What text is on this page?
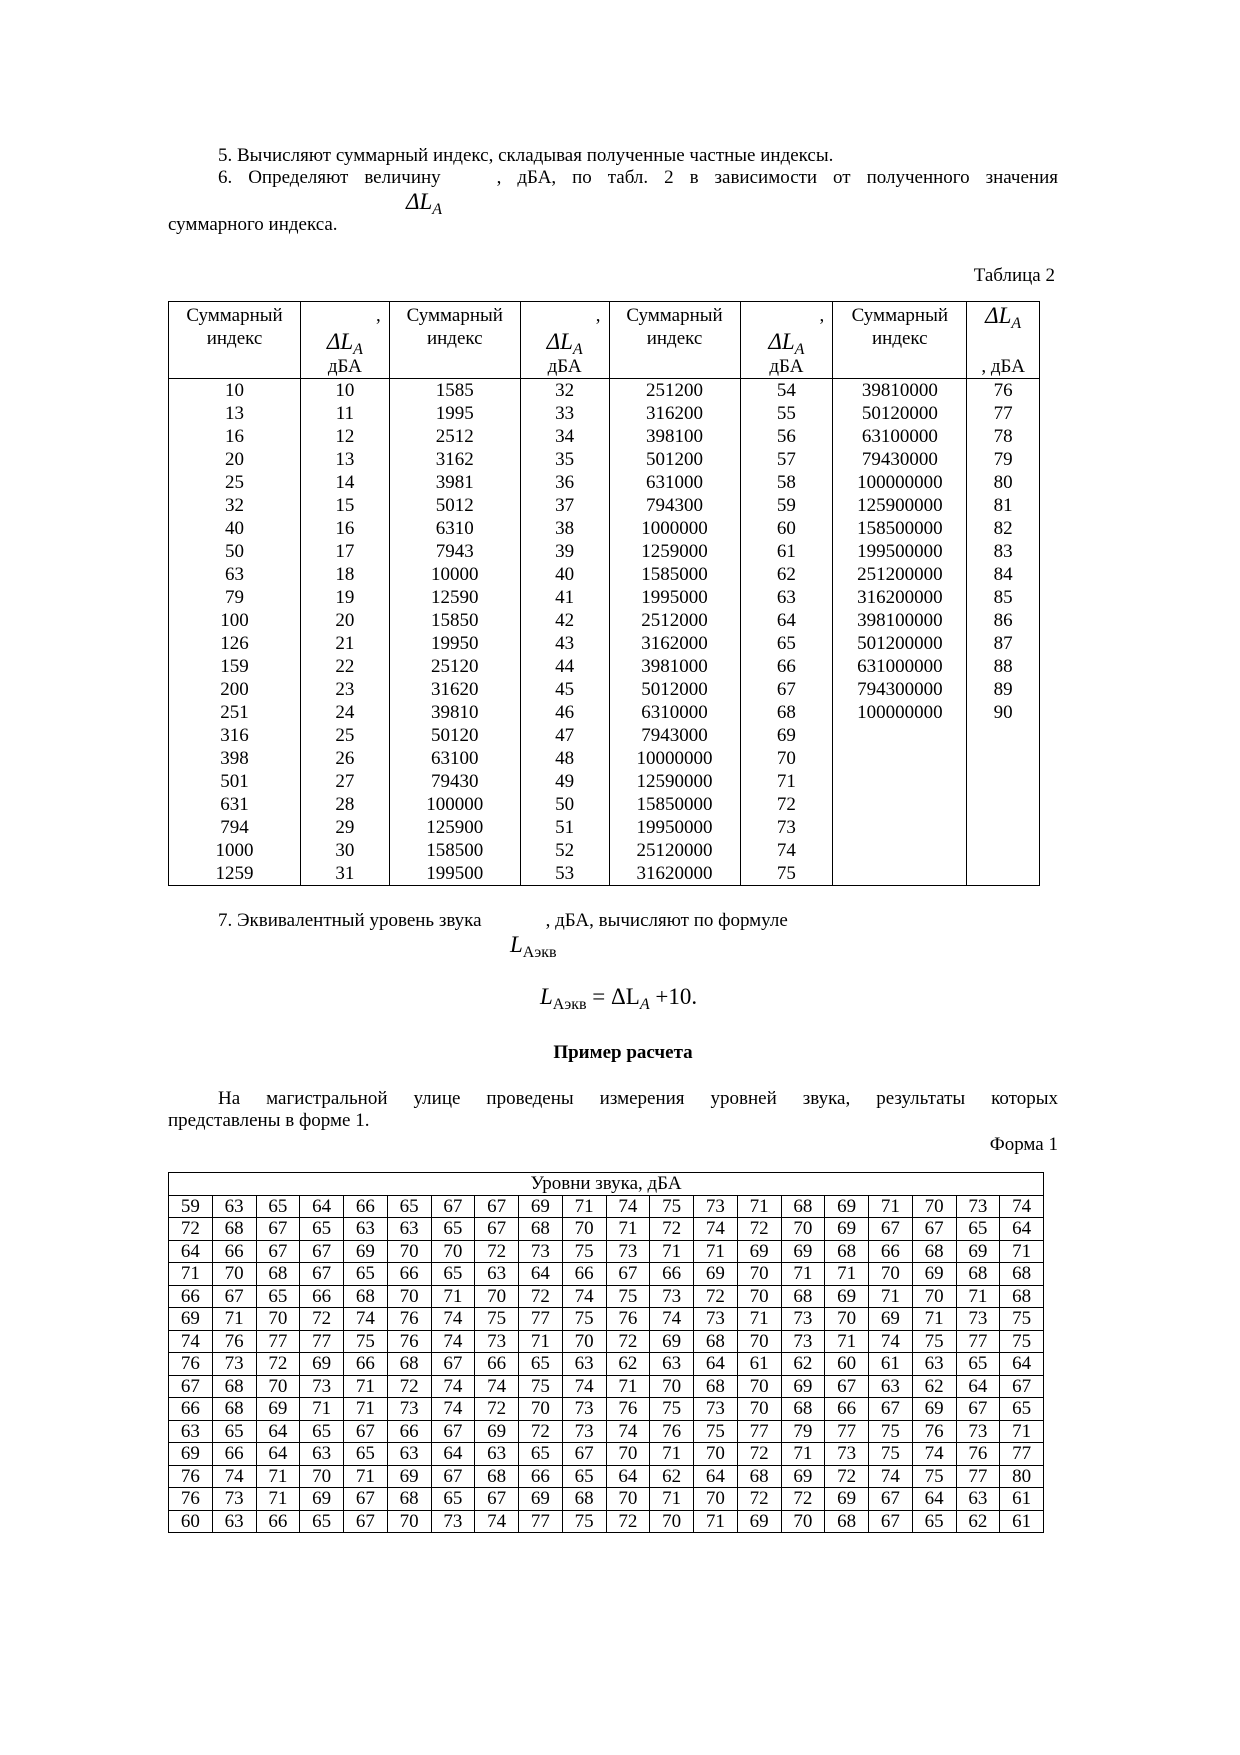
5. Вычисляют суммарный индекс, складывая полученные частные индексы.

6. Определяют величину	, дБА, по табл. 2 в зависимости от полученного значения

$\Delta L_A$

суммарного индекса.

Таблица 2

Суммарный индекс	,
$\Delta L_A$
дБА	Суммарный индекс	,
$\Delta L_A$
дБА	Суммарный индекс	,
$\Delta L_A$
дБА	Суммарный индекс	$\Delta L_A$
, дБА

10	10	1585	32	251200	54	39810000	76
13	11	1995	33	316200	55	50120000	77
16	12	2512	34	398100	56	63100000	78
20	13	3162	35	501200	57	79430000	79
25	14	3981	36	631000	58	100000000	80
32	15	5012	37	794300	59	125900000	81
40	16	6310	38	1000000	60	158500000	82
50	17	7943	39	1259000	61	199500000	83
63	18	10000	40	1585000	62	251200000	84
79	19	12590	41	1995000	63	316200000	85
100	20	15850	42	2512000	64	398100000	86
126	21	19950	43	3162000	65	501200000	87
159	22	25120	44	3981000	66	631000000	88
200	23	31620	45	5012000	67	794300000	89
251	24	39810	46	6310000	68	100000000	90
316	25	50120	47	7943000	69		
398	26	63100	48	10000000	70		
501	27	79430	49	12590000	71		
631	28	100000	50	15850000	72		
794	29	125900	51	19950000	73		
1000	30	158500	52	25120000	74		
1259	31	199500	53	31620000	75		

7. Эквивалентный уровень звука	, дБА, вычисляют по формуле

$L_{Аэкв}$
$L_{Аэкв} = \Delta L_A +10$.

Пример расчета

На магистральной улице проведены измерения уровней звука, результаты которых

представлены в форме 1.

Форма 1

Уровни звука, дБА																			
59	63	65	64	66	65	67	67	69	71	74	75	73	71	68	69	71	70	73	74
72	68	67	65	63	63	65	67	68	70	71	72	74	72	70	69	67	67	65	64
64	66	67	67	69	70	70	72	73	75	73	71	71	69	69	68	66	68	69	71
71	70	68	67	65	66	65	63	64	66	67	66	69	70	71	71	70	69	68	68
66	67	65	66	68	70	71	70	72	74	75	73	72	70	68	69	71	70	71	68
69	71	70	72	74	76	74	75	77	75	76	74	73	71	73	70	69	71	73	75
74	76	77	77	75	76	74	73	71	70	72	69	68	70	73	71	74	75	77	75
76	73	72	69	66	68	67	66	65	63	62	63	64	61	62	60	61	63	65	64
67	68	70	73	71	72	74	74	75	74	71	70	68	70	69	67	63	62	64	67
66	68	69	71	71	73	74	72	70	73	76	75	73	70	68	66	67	69	67	65
63	65	64	65	67	66	67	69	72	73	74	76	75	77	79	77	75	76	73	71
69	66	64	63	65	63	64	63	65	67	70	71	70	72	71	73	75	74	76	77
76	74	71	70	71	69	67	68	66	65	64	62	64	68	69	72	74	75	77	80
76	73	71	69	67	68	65	67	69	68	70	71	70	72	72	69	67	64	63	61
60	63	66	65	67	70	73	74	77	75	72	70	71	69	70	68	67	65	62	61
